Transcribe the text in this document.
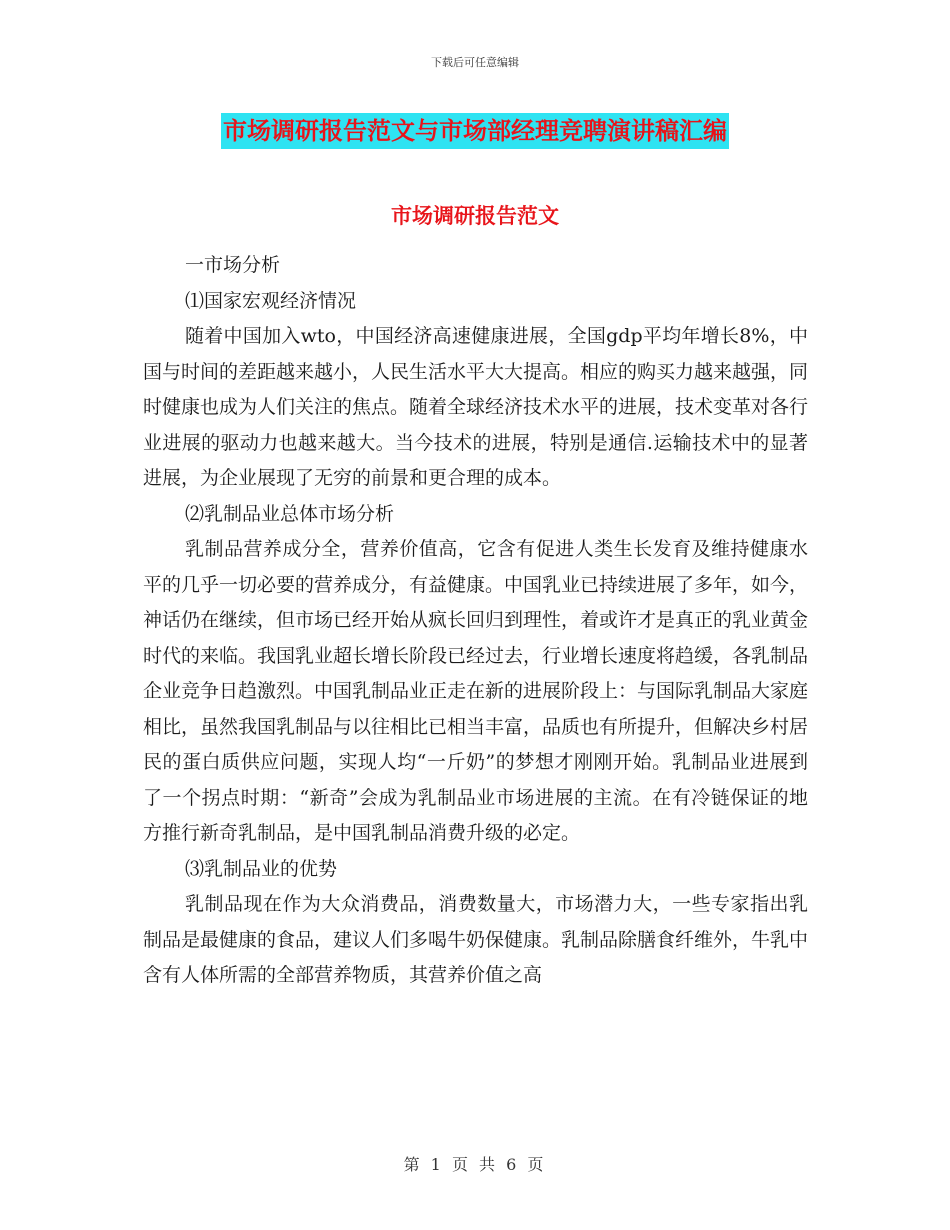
下载后可任意编辑
市场调研报告范文与市场部经理竞聘演讲稿汇编
市场调研报告范文

一市场分析

⑴国家宏观经济情况

随着中国加入wto，中国经济高速健康进展，全国gdp平均年增长8%，中国与时间的差距越来越小，人民生活水平大大提高。相应的购买力越来越强，同时健康也成为人们关注的焦点。随着全球经济技术水平的进展，技术变革对各行业进展的驱动力也越来越大。当今技术的进展，特别是通信.运输技术中的显著进展，为企业展现了无穷的前景和更合理的成本。

⑵乳制品业总体市场分析

乳制品营养成分全，营养价值高，它含有促进人类生长发育及维持健康水平的几乎一切必要的营养成分，有益健康。中国乳业已持续进展了多年，如今，神话仍在继续，但市场已经开始从疯长回归到理性，着或许才是真正的乳业黄金时代的来临。我国乳业超长增长阶段已经过去，行业增长速度将趋缓，各乳制品企业竞争日趋激烈。中国乳制品业正走在新的进展阶段上：与国际乳制品大家庭相比，虽然我国乳制品与以往相比已相当丰富，品质也有所提升，但解决乡村居民的蛋白质供应问题，实现人均“一斤奶”的梦想才刚刚开始。乳制品业进展到了一个拐点时期：“新奇”会成为乳制品业市场进展的主流。在有冷链保证的地方推行新奇乳制品，是中国乳制品消费升级的必定。

⑶乳制品业的优势

乳制品现在作为大众消费品，消费数量大，市场潜力大，一些专家指出乳制品是最健康的食品，建议人们多喝牛奶保健康。乳制品除膳食纤维外，牛乳中含有人体所需的全部营养物质，其营养价值之高

第 1 页 共 6 页
